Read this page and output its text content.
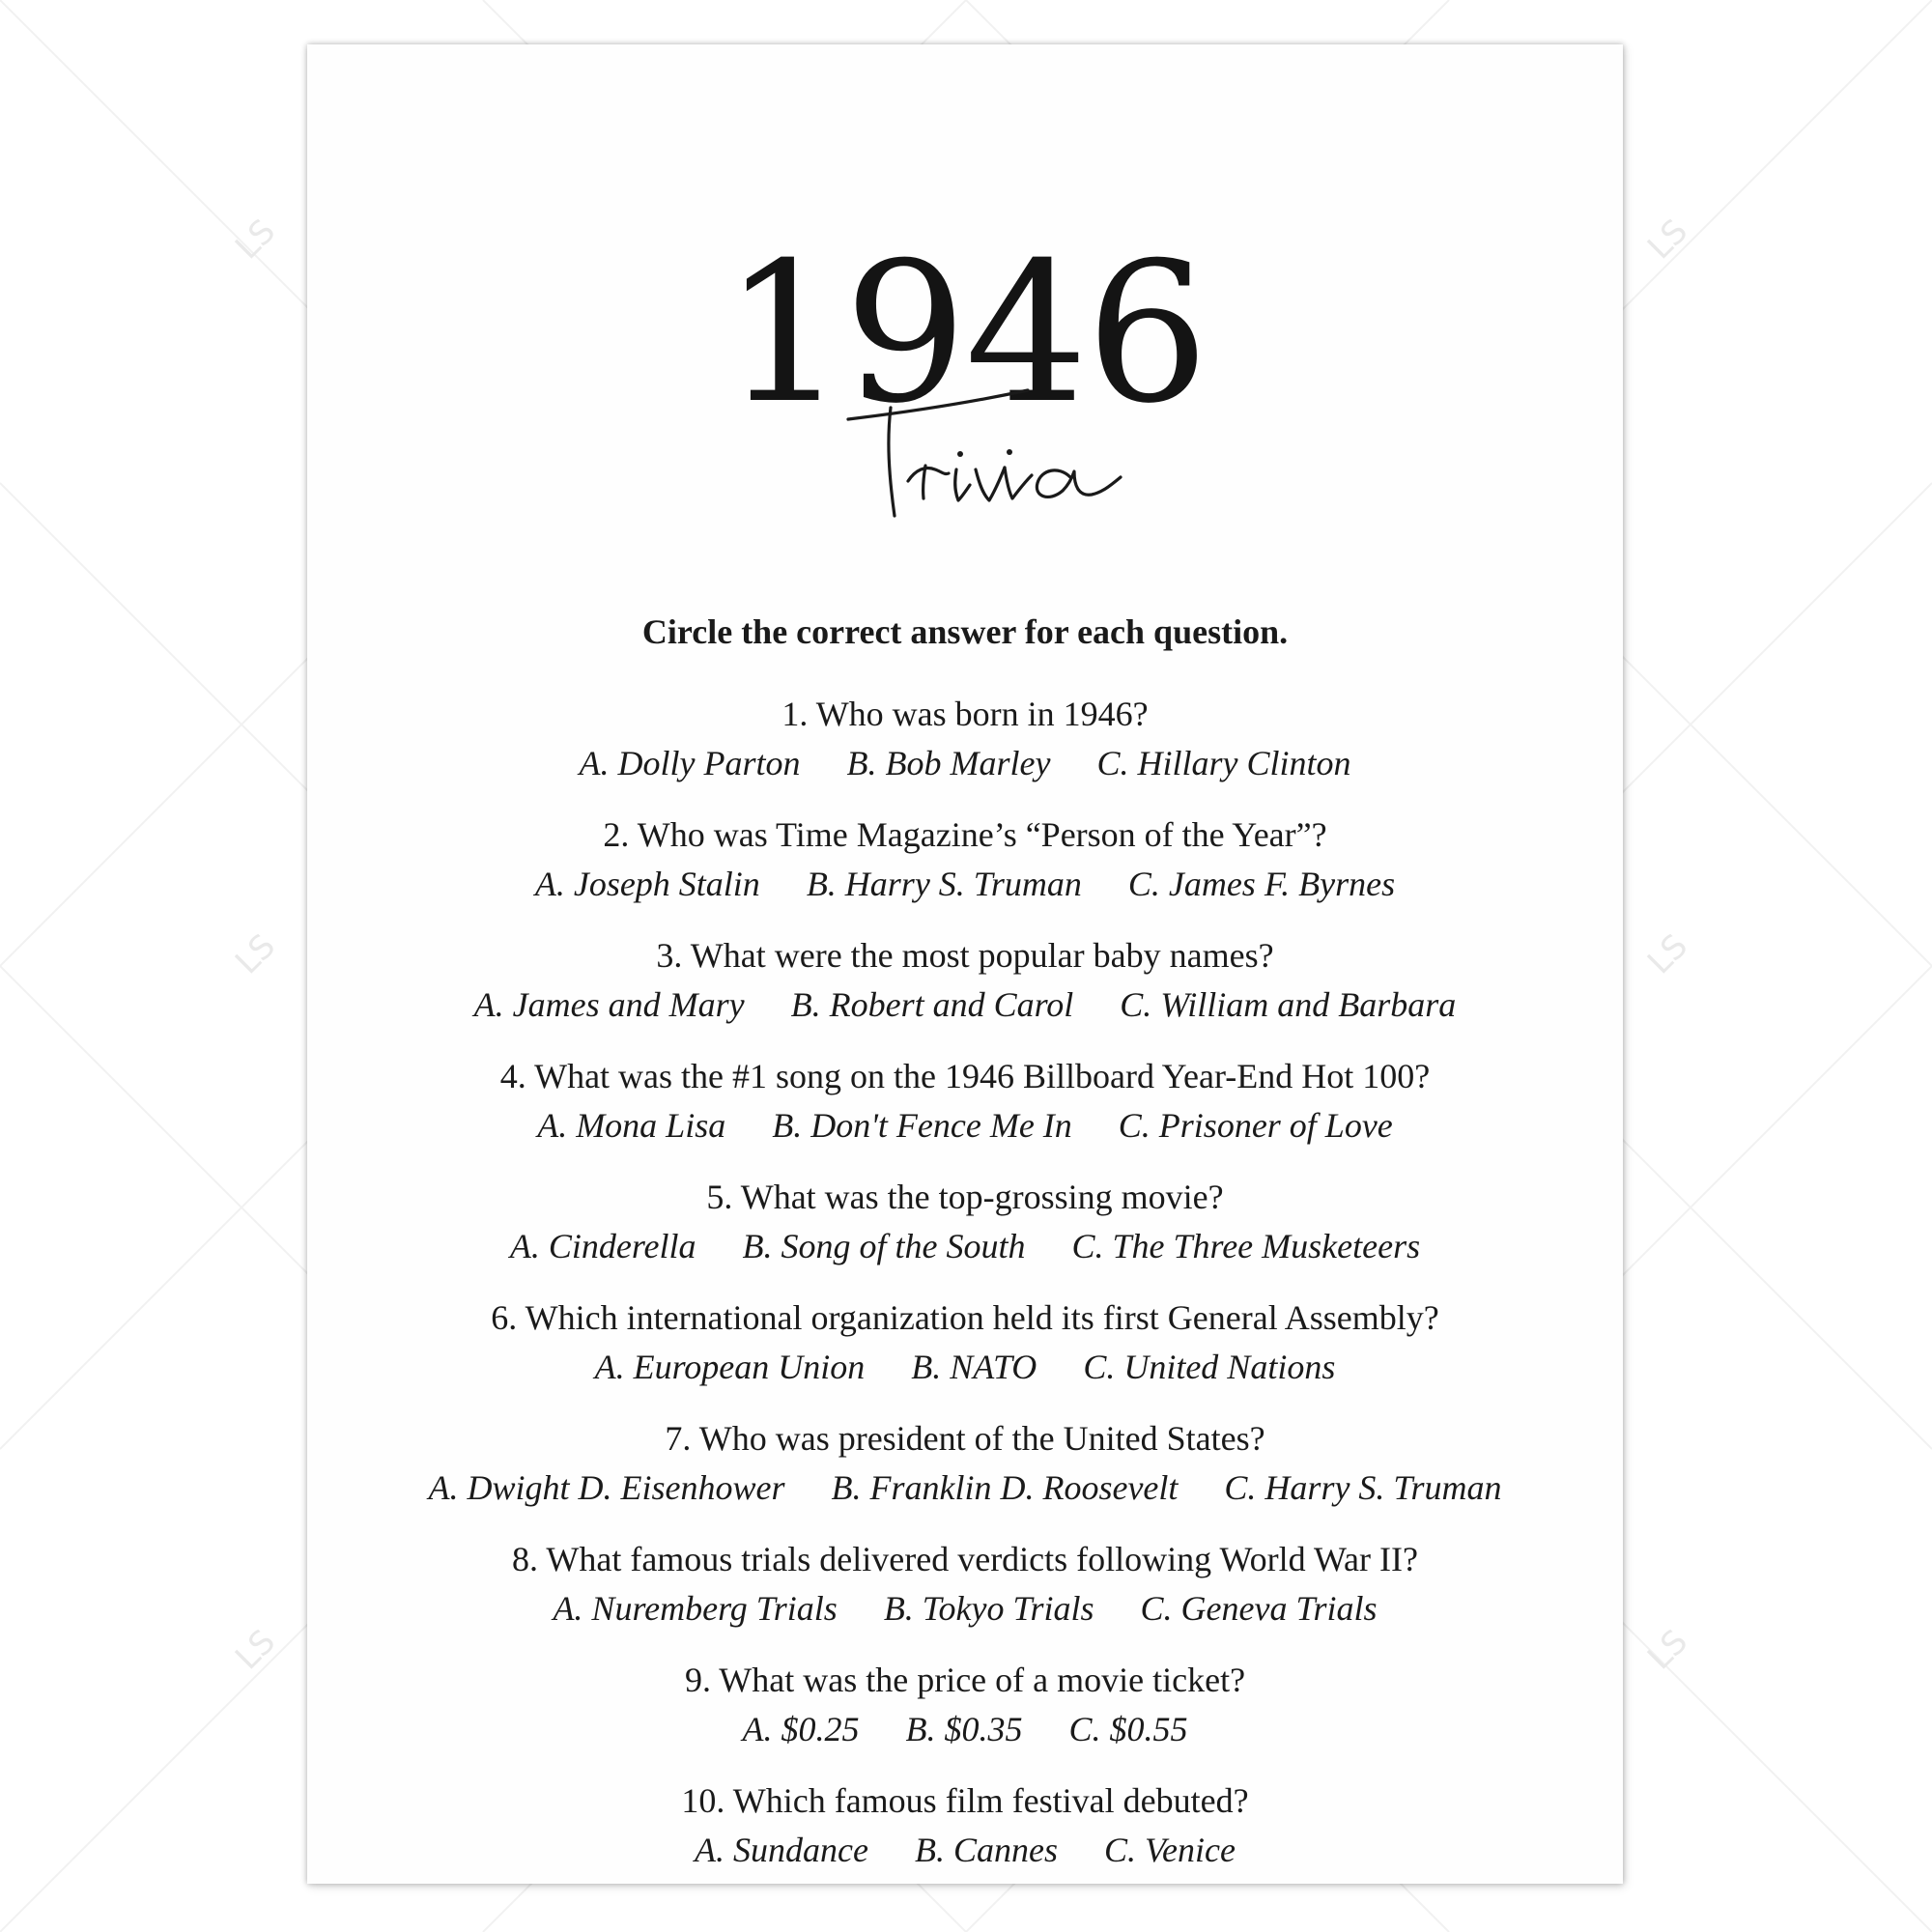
LS	LS
LS	LS
LS	LS
1946
Circle the correct answer for each question.
1. Who was born in 1946?
A. Dolly Parton B. Bob Marley C. Hillary Clinton
2. Who was Time Magazine’s “Person of the Year”?
A. Joseph Stalin B. Harry S. Truman C. James F. Byrnes
3. What were the most popular baby names?
A. James and Mary B. Robert and Carol C. William and Barbara
4. What was the #1 song on the 1946 Billboard Year-End Hot 100?
A. Mona Lisa B. Don't Fence Me In C. Prisoner of Love
5. What was the top-grossing movie?
A. Cinderella B. Song of the South C. The Three Musketeers
6. Which international organization held its first General Assembly?
A. European Union B. NATO C. United Nations
7. Who was president of the United States?
A. Dwight D. Eisenhower B. Franklin D. Roosevelt C. Harry S. Truman
8. What famous trials delivered verdicts following World War II?
A. Nuremberg Trials B. Tokyo Trials C. Geneva Trials
9. What was the price of a movie ticket?
A. $0.25 B. $0.35 C. $0.55
10. Which famous film festival debuted?
A. Sundance B. Cannes C. Venice
